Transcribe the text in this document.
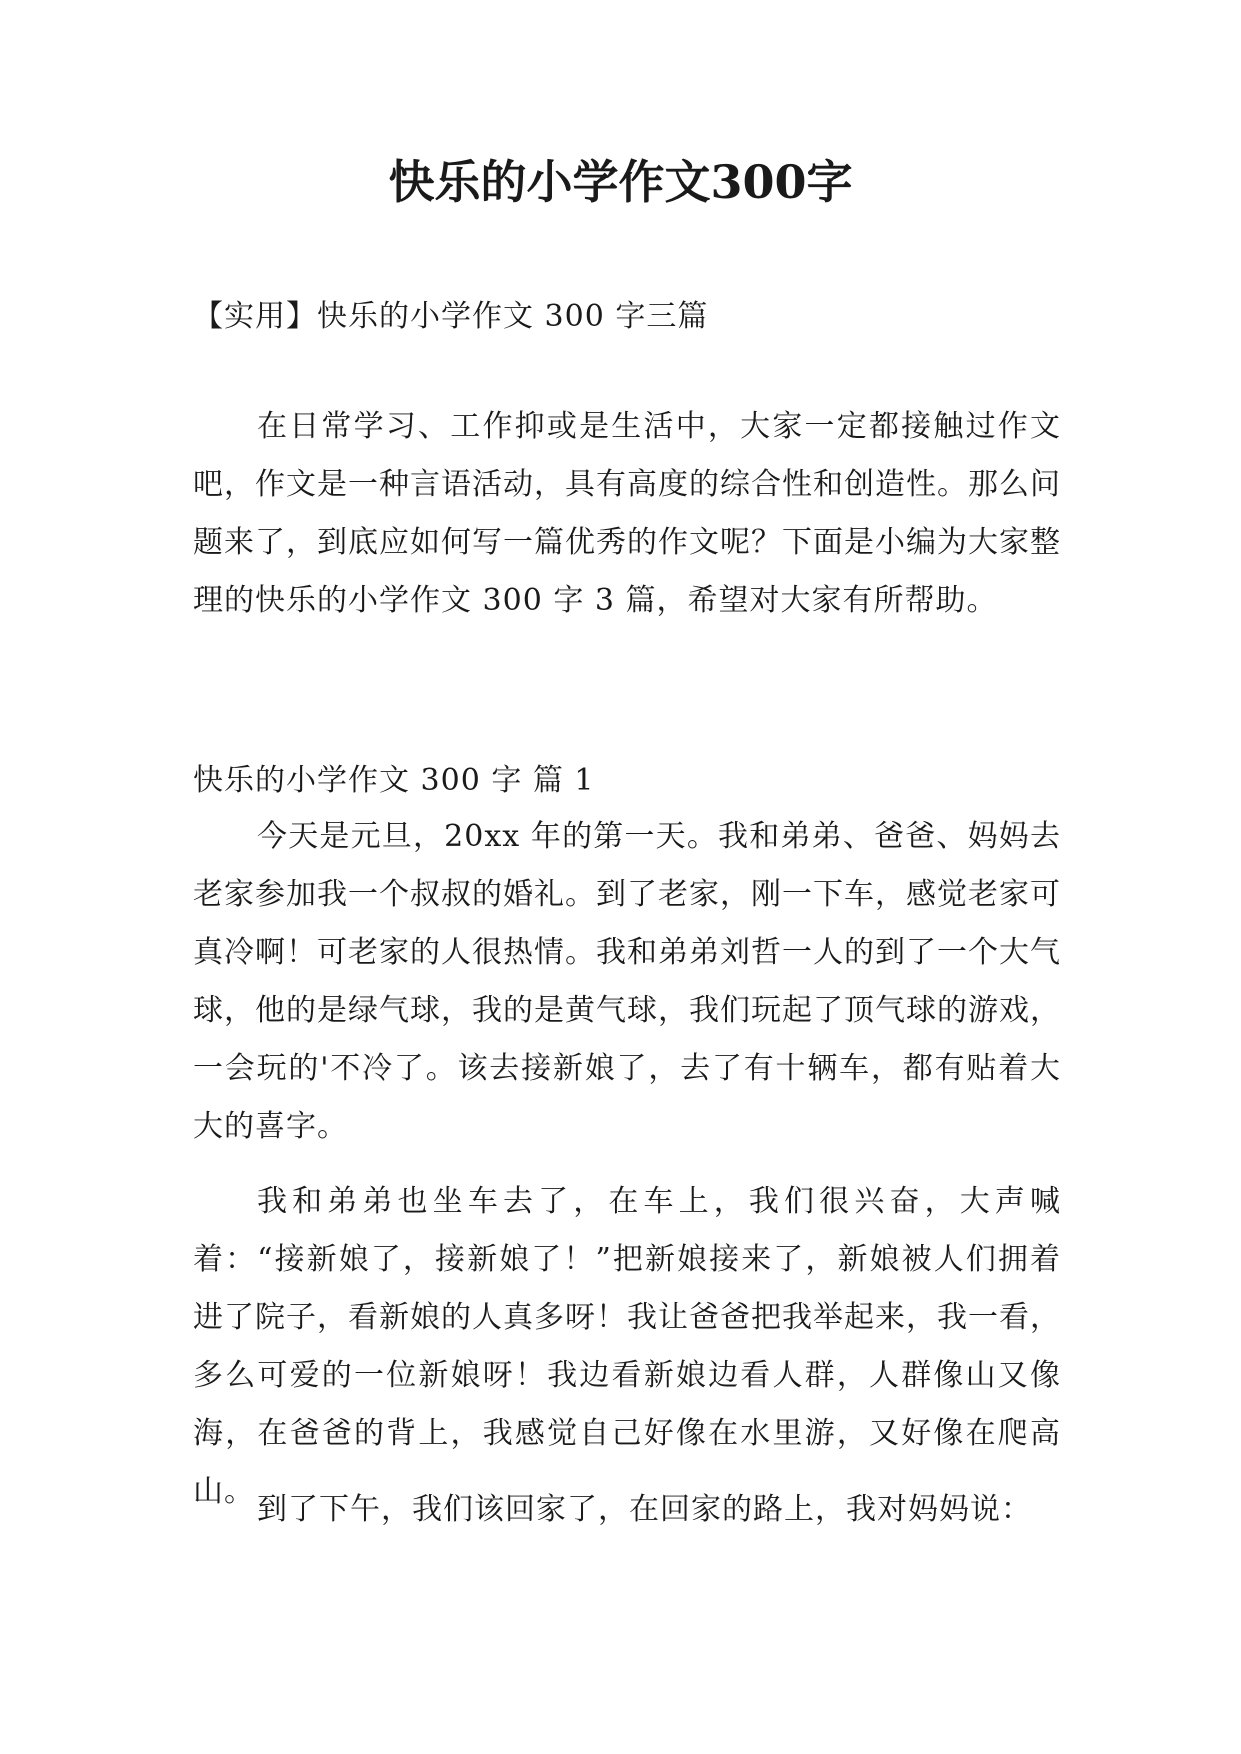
快乐的小学作文300字

【实用】快乐的小学作文 300 字三篇

在日常学习、工作抑或是生活中，大家一定都接触过作文吧，作文是一种言语活动，具有高度的综合性和创造性。那么问题来了，到底应如何写一篇优秀的作文呢？下面是小编为大家整理的快乐的小学作文 300 字 3 篇，希望对大家有所帮助。

快乐的小学作文 300 字 篇 1

今天是元旦，20xx 年的第一天。我和弟弟、爸爸、妈妈去老家参加我一个叔叔的婚礼。到了老家，刚一下车，感觉老家可真冷啊！可老家的人很热情。我和弟弟刘哲一人的到了一个大气球，他的是绿气球，我的是黄气球，我们玩起了顶气球的游戏，一会玩的'不冷了。该去接新娘了，去了有十辆车，都有贴着大大的喜字。

我和弟弟也坐车去了，在车上，我们很兴奋，大声喊着：“接新娘了，接新娘了！”把新娘接来了，新娘被人们拥着进了院子，看新娘的人真多呀！我让爸爸把我举起来，我一看，多么可爱的一位新娘呀！我边看新娘边看人群，人群像山又像海，在爸爸的背上，我感觉自己好像在水里游，又好像在爬高山。

到了下午，我们该回家了，在回家的路上，我对妈妈说：
